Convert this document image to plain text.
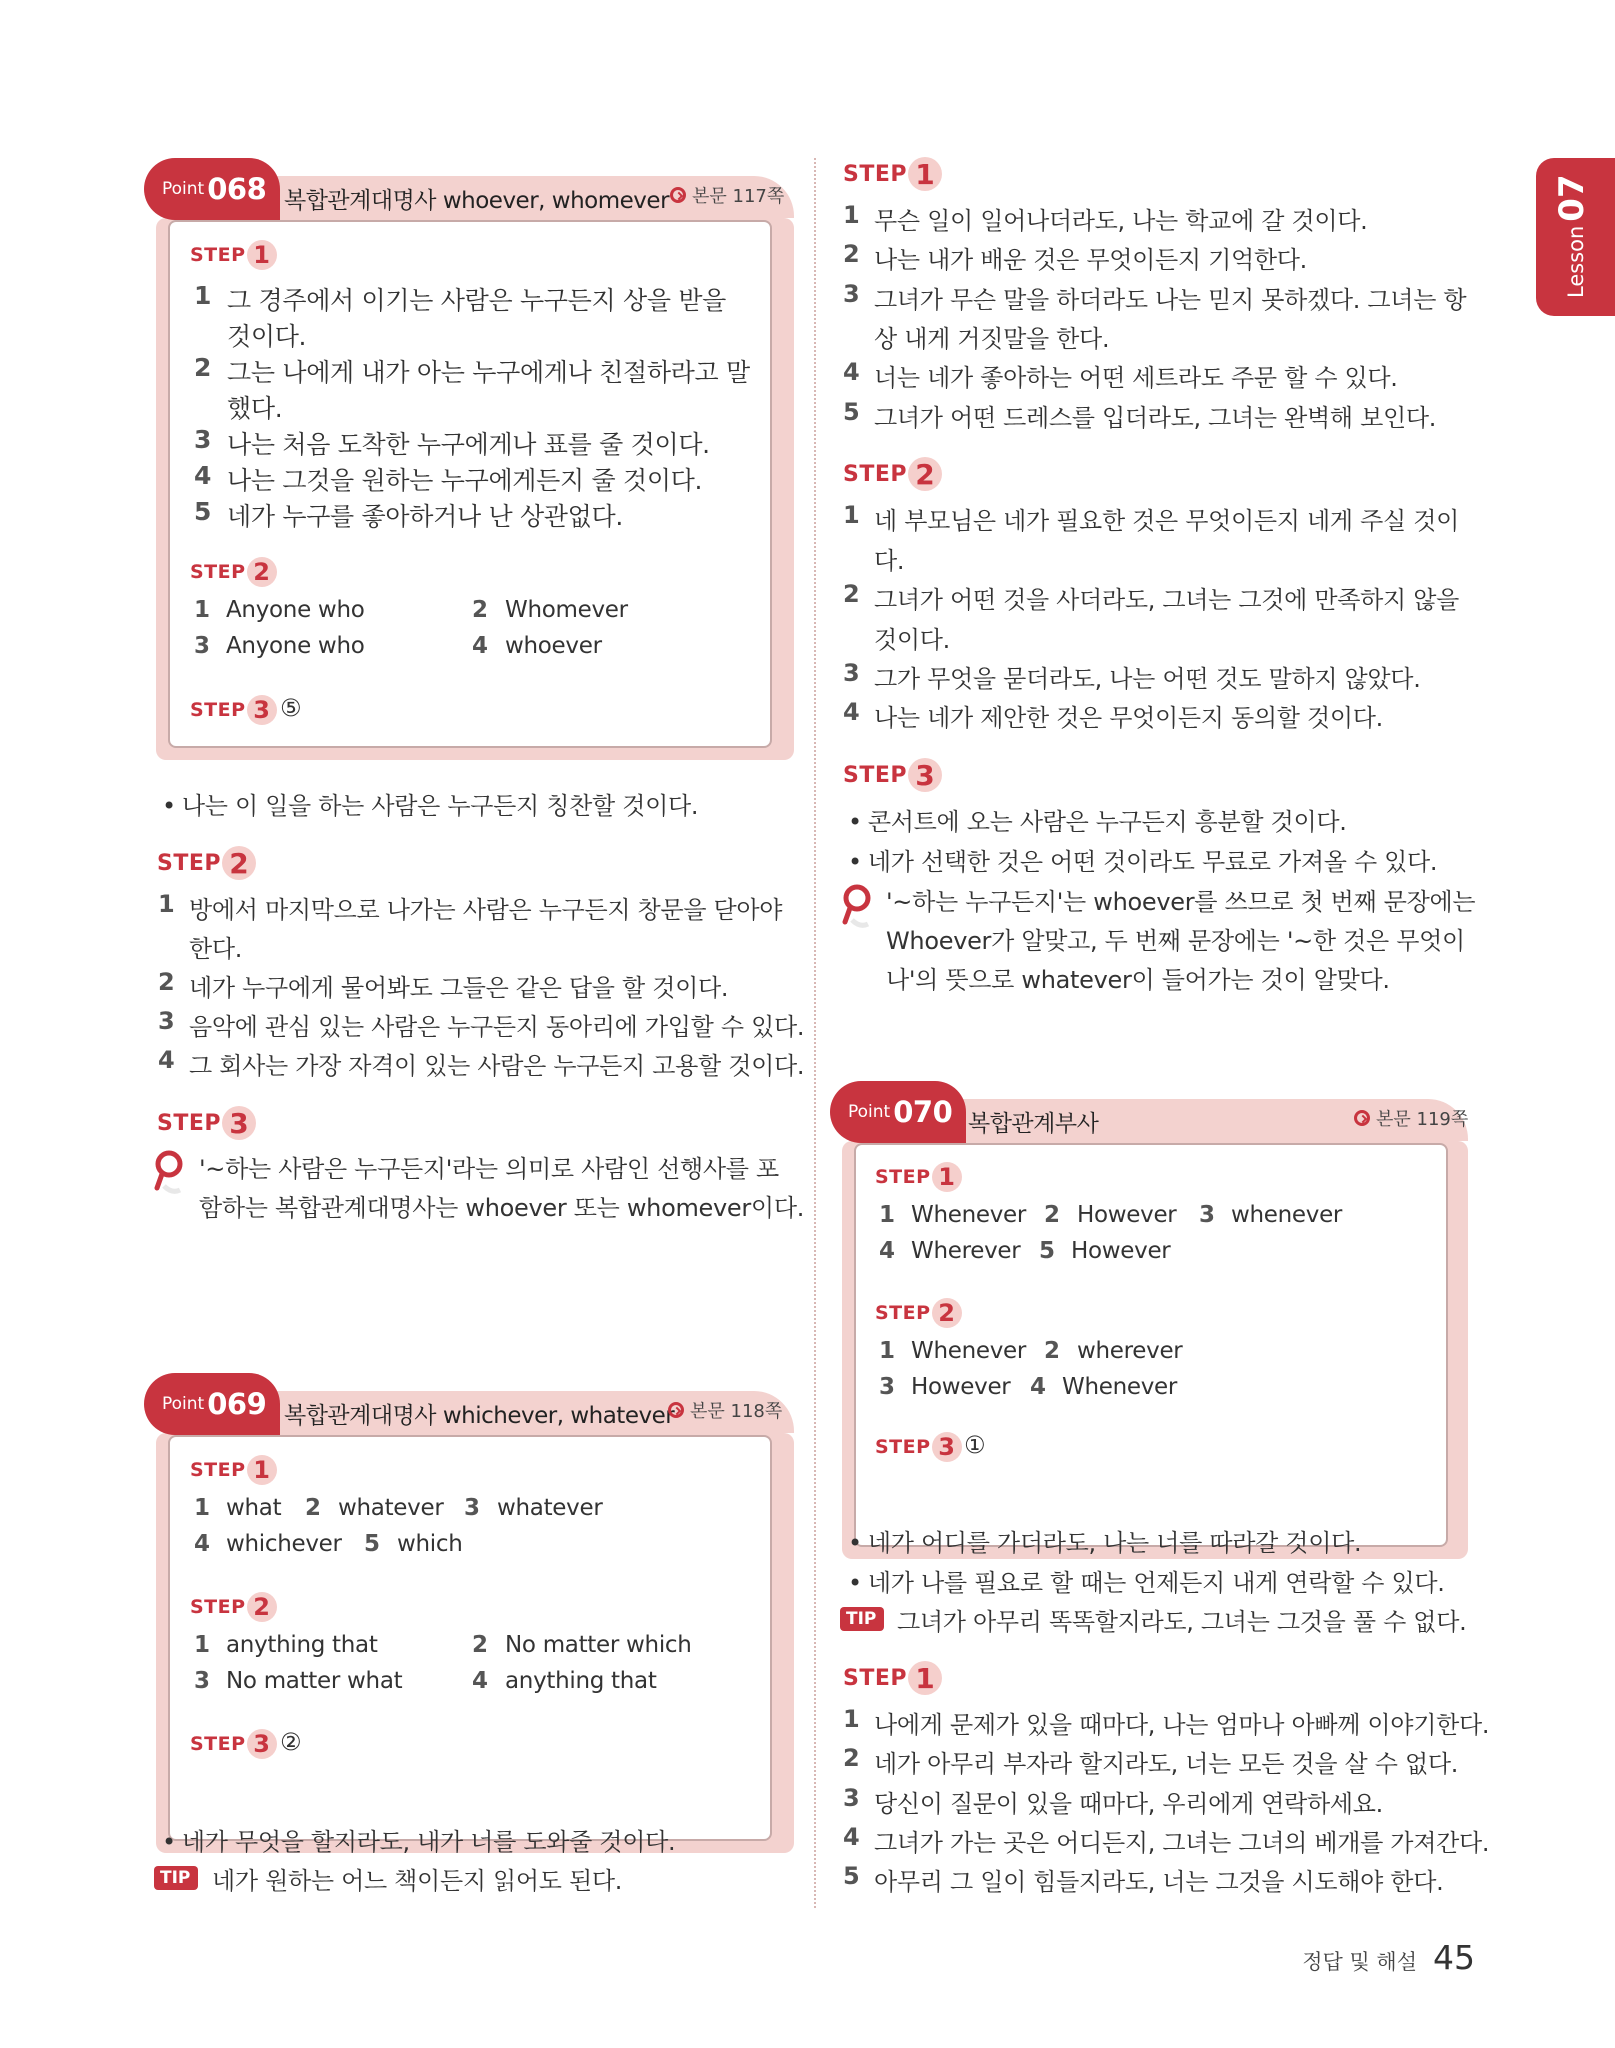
Lesson
07
Point 068 복합관계대명사 whoever, whomever 본문 117쪽
STEP 1
1 그 경주에서 이기는 사람은 누구든지 상을 받을
것이다.
2 그는 나에게 내가 아는 누구에게나 친절하라고 말
했다.
3 나는 처음 도착한 누구에게나 표를 줄 것이다.
4 나는 그것을 원하는 누구에게든지 줄 것이다.
5 네가 누구를 좋아하거나 난 상관없다.
STEP 2
1 Anyone who	2 Whomever
3 Anyone who	4 whoever
STEP 3 ⑤
• 나는 이 일을 하는 사람은 누구든지 칭찬할 것이다.
STEP 2
1 방에서 마지막으로 나가는 사람은 누구든지 창문을 닫아야
한다.
2 네가 누구에게 물어봐도 그들은 같은 답을 할 것이다.
3 음악에 관심 있는 사람은 누구든지 동아리에 가입할 수 있다.
4 그 회사는 가장 자격이 있는 사람은 누구든지 고용할 것이다.
STEP 3
'~하는 사람은 누구든지'라는 의미로 사람인 선행사를 포
함하는 복합관계대명사는 whoever 또는 whomever이다.
Point 069 복합관계대명사 whichever, whatever 본문 118쪽
STEP 1
1 what 2 whatever 3 whatever
4 whichever 5 which
STEP 2
1 anything that	2 No matter which
3 No matter what	4 anything that
STEP 3 ②
• 네가 무엇을 할지라도, 내가 너를 도와줄 것이다.
TIP 네가 원하는 어느 책이든지 읽어도 된다.
STEP 1
1 무슨 일이 일어나더라도, 나는 학교에 갈 것이다.
2 나는 내가 배운 것은 무엇이든지 기억한다.
3 그녀가 무슨 말을 하더라도 나는 믿지 못하겠다. 그녀는 항
상 내게 거짓말을 한다.
4 너는 네가 좋아하는 어떤 세트라도 주문 할 수 있다.
5 그녀가 어떤 드레스를 입더라도, 그녀는 완벽해 보인다.
STEP 2
1 네 부모님은 네가 필요한 것은 무엇이든지 네게 주실 것이
다.
2 그녀가 어떤 것을 사더라도, 그녀는 그것에 만족하지 않을
것이다.
3 그가 무엇을 묻더라도, 나는 어떤 것도 말하지 않았다.
4 나는 네가 제안한 것은 무엇이든지 동의할 것이다.
STEP 3
• 콘서트에 오는 사람은 누구든지 흥분할 것이다.
• 네가 선택한 것은 어떤 것이라도 무료로 가져올 수 있다.
'~하는 누구든지'는 whoever를 쓰므로 첫 번째 문장에는
Whoever가 알맞고, 두 번째 문장에는 '~한 것은 무엇이
나'의 뜻으로 whatever이 들어가는 것이 알맞다.
Point 070 복합관계부사	본문 119쪽
STEP 1
1 Whenever 2 However 3 whenever
4 Wherever 5 However
STEP 2
1 Whenever 2 wherever
3 However 4 Whenever
STEP 3 ①
• 네가 어디를 가더라도, 나는 너를 따라갈 것이다.
• 네가 나를 필요로 할 때는 언제든지 내게 연락할 수 있다.
TIP 그녀가 아무리 똑똑할지라도, 그녀는 그것을 풀 수 없다.
STEP 1
1 나에게 문제가 있을 때마다, 나는 엄마나 아빠께 이야기한다.
2 네가 아무리 부자라 할지라도, 너는 모든 것을 살 수 없다.
3 당신이 질문이 있을 때마다, 우리에게 연락하세요.
4 그녀가 가는 곳은 어디든지, 그녀는 그녀의 베개를 가져간다.
5 아무리 그 일이 힘들지라도, 너는 그것을 시도해야 한다.
정답 및 해설 45
